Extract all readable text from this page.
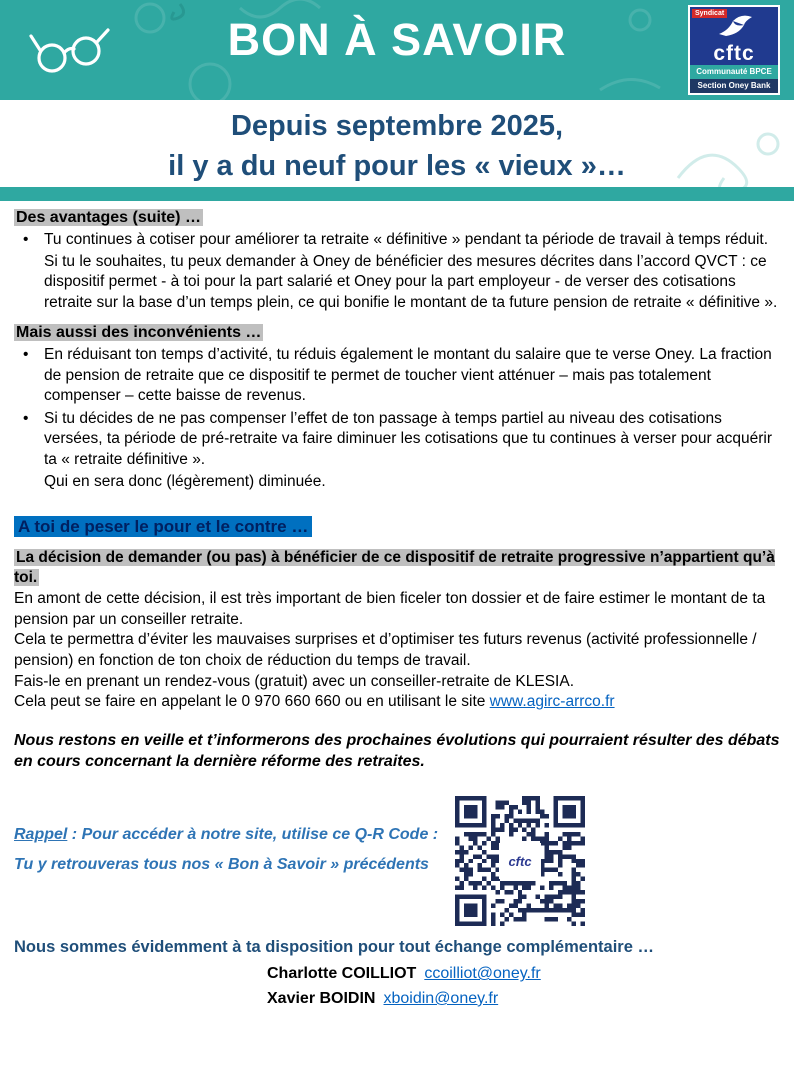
BON À SAVOIR
Syndicat
cftc
Communauté BPCE
Section Oney Bank
Depuis septembre 2025,
il y a du neuf pour les « vieux »…

Des avantages (suite) …

• Tu continues à cotiser pour améliorer ta retraite « définitive » pendant ta période de travail à temps réduit.
Si tu le souhaites, tu peux demander à Oney de bénéficier des mesures décrites dans l’accord QVCT : ce dispositif permet - à toi pour la part salarié et Oney pour la part employeur - de verser des cotisations retraite sur la base d’un temps plein, ce qui bonifie le montant de ta future pension de retraite « définitive ».

Mais aussi des inconvénients …

• En réduisant ton temps d’activité, tu réduis également le montant du salaire que te verse Oney. La fraction de pension de retraite que ce dispositif te permet de toucher vient atténuer – mais pas totalement compenser – cette baisse de revenus.
• Si tu décides de ne pas compenser l’effet de ton passage à temps partiel au niveau des cotisations versées, ta période de pré-retraite va faire diminuer les cotisations que tu continues à verser pour acquérir ta « retraite définitive ».
Qui en sera donc (légèrement) diminuée.

A toi de peser le pour et le contre …

La décision de demander (ou pas) à bénéficier de ce dispositif de retraite progressive n’appartient qu’à toi.

En amont de cette décision, il est très important de bien ficeler ton dossier et de faire estimer le montant de ta pension par un conseiller retraite.

Cela te permettra d’éviter les mauvaises surprises et d’optimiser tes futurs revenus (activité professionnelle / pension) en fonction de ton choix de réduction du temps de travail.

Fais-le en prenant un rendez-vous (gratuit) avec un conseiller-retraite de KLESIA.

Cela peut se faire en appelant le 0 970 660 660 ou en utilisant le site www.agirc-arrco.fr

Nous restons en veille et t’informerons des prochaines évolutions qui pourraient résulter des débats en cours concernant la dernière réforme des retraites.

Rappel : Pour accéder à notre site, utilise ce Q-R Code :
Tu y retrouveras tous nos « Bon à Savoir » précédents	cftc

Nous sommes évidemment à ta disposition pour tout échange complémentaire …

Charlotte COILLIOT ccoilliot@oney.fr
Xavier BOIDIN xboidin@oney.fr
